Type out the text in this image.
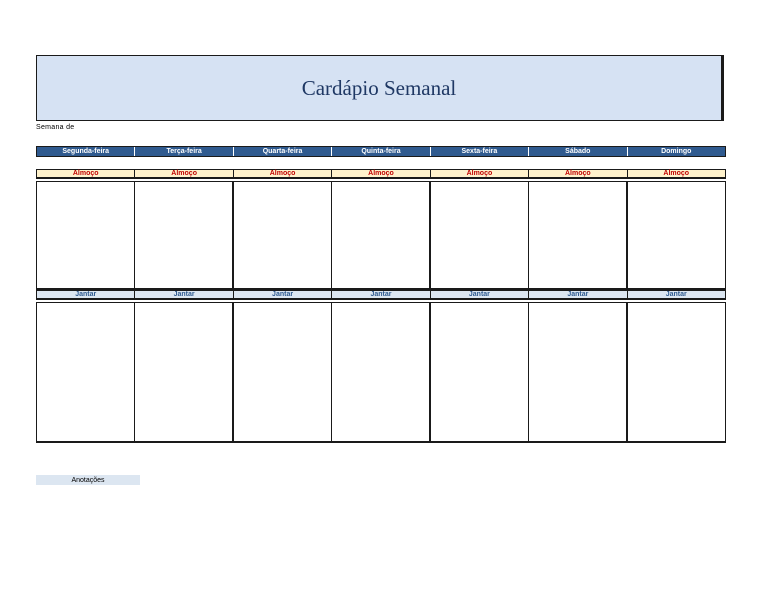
Cardápio Semanal
Semana de
Segunda-feira	Terça-feira	Quarta-feira	Quinta-feira	Sexta-feira	Sábado	Domingo
Almoço	Almoço	Almoço	Almoço	Almoço	Almoço	Almoço
Jantar	Jantar	Jantar	Jantar	Jantar	Jantar	Jantar
Anotações
